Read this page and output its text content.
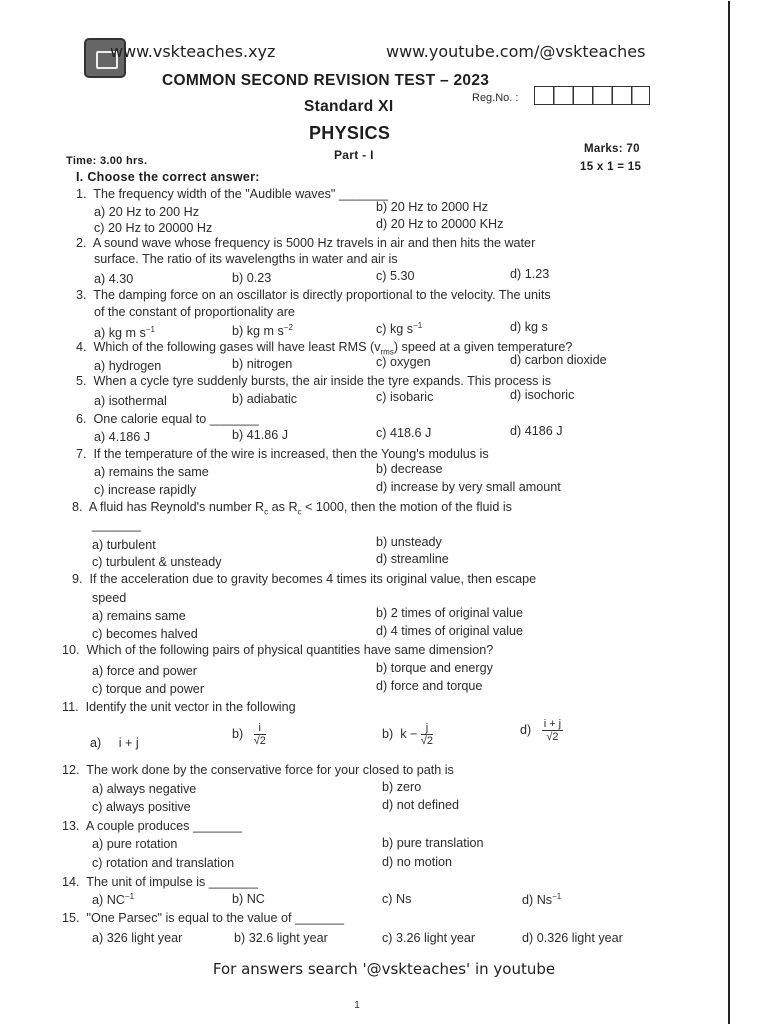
www.vskteaches.xyz	www.youtube.com/@vskteaches
COMMON SECOND REVISION TEST – 2023
Standard XI	Reg.No. :
PHYSICS
Part - I
Time: 3.00 hrs.
Marks: 70
15 x 1 = 15
I. Choose the correct answer:
1. The frequency width of the "Audible waves" _______
a) 20 Hz to 200 Hz	b) 20 Hz to 2000 Hz
c) 20 Hz to 20000 Hz	d) 20 Hz to 20000 KHz
2. A sound wave whose frequency is 5000 Hz travels in air and then hits the water
surface. The ratio of its wavelengths in water and air is
a) 4.30	b) 0.23	c) 5.30	d) 1.23
3. The damping force on an oscillator is directly proportional to the velocity. The units
of the constant of proportionality are
a) kg m $s^{-1}$	b) kg m $s^{-2}$	c) kg $s^{-1}$	d) kg s
4. Which of the following gases will have least RMS $(v_{rms})$ speed at a given temperature?
a) hydrogen	b) nitrogen	c) oxygen	d) carbon dioxide
5. When a cycle tyre suddenly bursts, the air inside the tyre expands. This process is
a) isothermal	b) adiabatic	c) isobaric	d) isochoric
6. One calorie equal to _______
a) 4.186 J	b) 41.86 J	c) 418.6 J	d) 4186 J
7. If the temperature of the wire is increased, then the Young's modulus is
a) remains the same	b) decrease
c) increase rapidly	d) increase by very small amount
8. A fluid has Reynold's number $R_c$ as $R_c < 1000$, then the motion of the fluid is
_______
a) turbulent	b) unsteady
c) turbulent & unsteady	d) streamline
9. If the acceleration due to gravity becomes 4 times its original value, then escape
speed
a) remains same	b) 2 times of original value
c) becomes halved	d) 4 times of original value
10. Which of the following pairs of physical quantities have same dimension?
a) force and power	b) torque and energy
c) torque and power	d) force and torque
11. Identify the unit vector in the following
a) i + j
$b) \frac{i}{√2}$	b) $k - \frac{j}{√2}$	$d) \frac{i + j}{√2}$
12. The work done by the conservative force for your closed to path is
a) always negative	b) zero
c) always positive	d) not defined
13. A couple produces _______
a) pure rotation	b) pure translation
c) rotation and translation	d) no motion
14. The unit of impulse is _______
a) $NC^{-1}$	b) NC	c) Ns	d) $Ns^{-1}$
15. "One Parsec" is equal to the value of _______
a) 326 light year	b) 32.6 light year	c) 3.26 light year	d) 0.326 light year
For answers search '@vskteaches' in youtube
1
